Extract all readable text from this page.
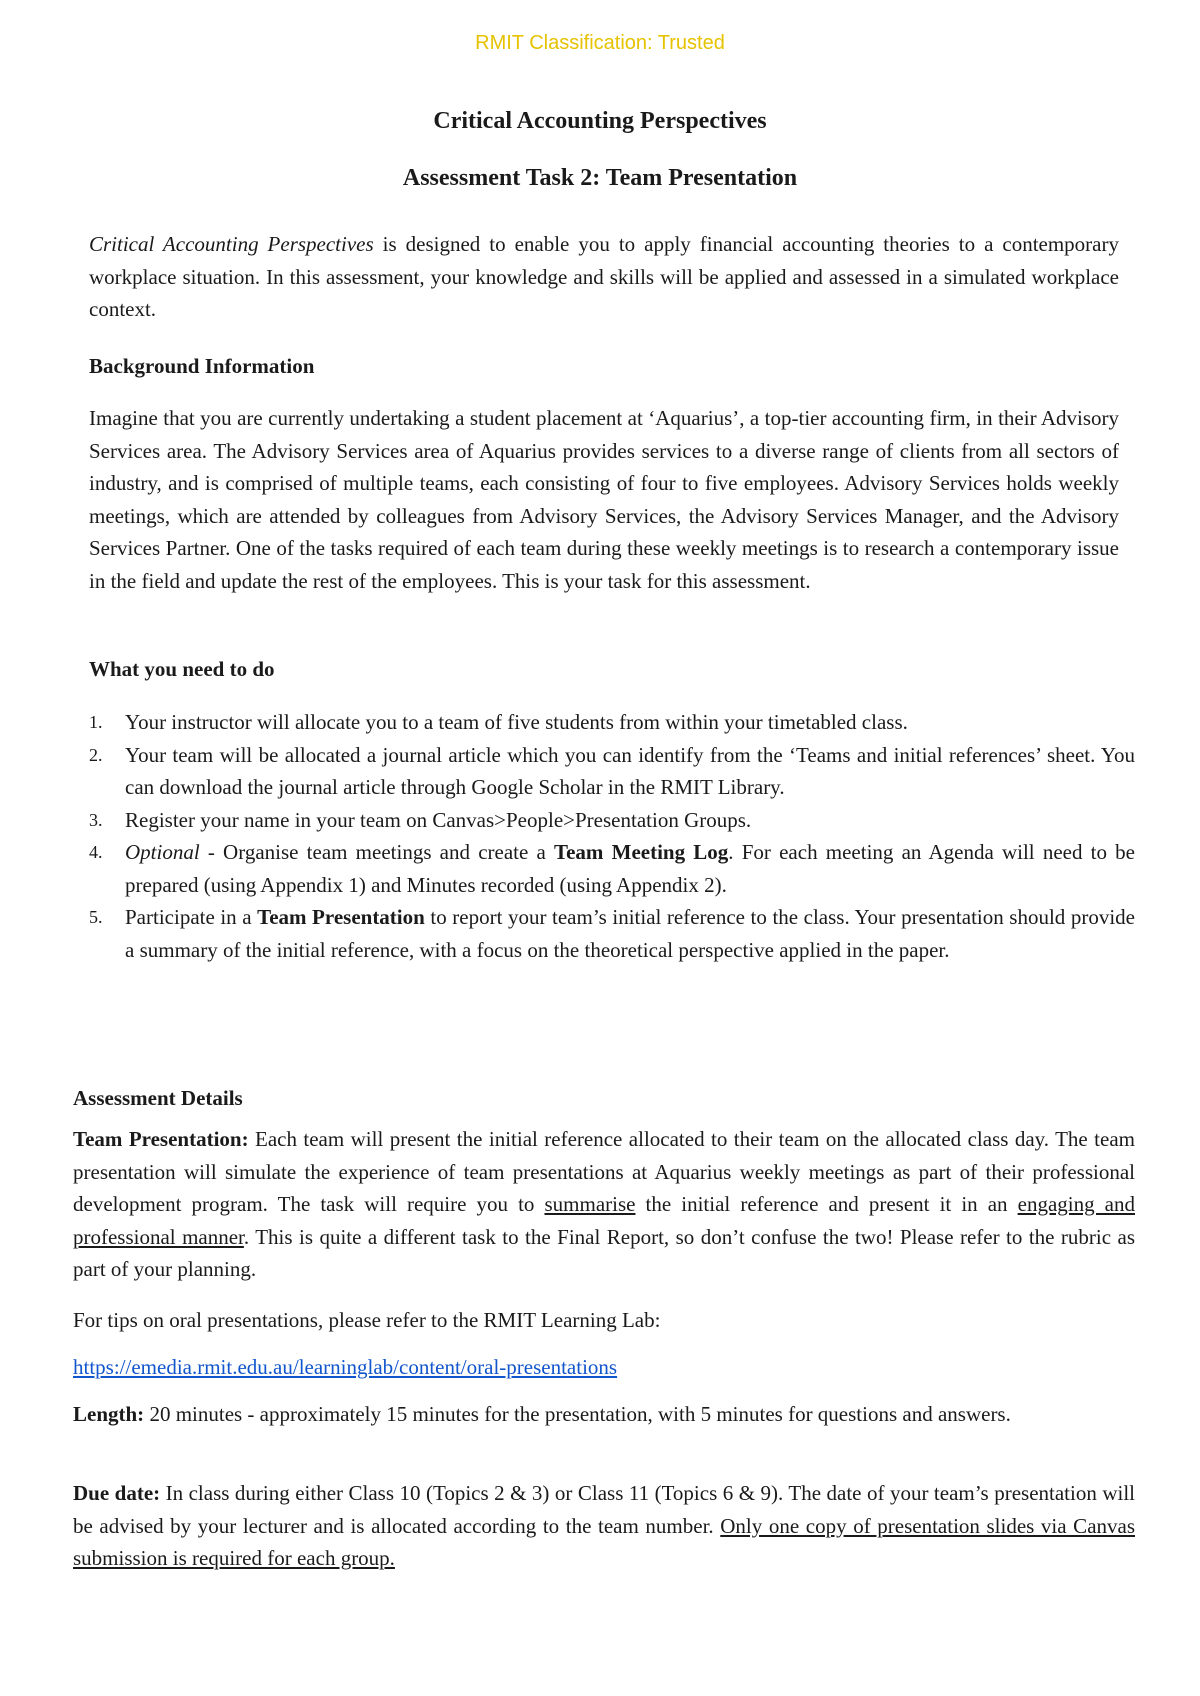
RMIT Classification: Trusted
Critical Accounting Perspectives
Assessment Task 2: Team Presentation

Critical Accounting Perspectives is designed to enable you to apply financial accounting theories to a contemporary workplace situation. In this assessment, your knowledge and skills will be applied and assessed in a simulated workplace context.

Background Information

Imagine that you are currently undertaking a student placement at ‘Aquarius’, a top-tier accounting firm, in their Advisory Services area. The Advisory Services area of Aquarius provides services to a diverse range of clients from all sectors of industry, and is comprised of multiple teams, each consisting of four to five employees. Advisory Services holds weekly meetings, which are attended by colleagues from Advisory Services, the Advisory Services Manager, and the Advisory Services Partner. One of the tasks required of each team during these weekly meetings is to research a contemporary issue in the field and update the rest of the employees. This is your task for this assessment.

What you need to do
1. Your instructor will allocate you to a team of five students from within your timetabled class.
2. Your team will be allocated a journal article which you can identify from the ‘Teams and initial references’ sheet. You can download the journal article through Google Scholar in the RMIT Library.
3. Register your name in your team on Canvas>People>Presentation Groups.
4. Optional - Organise team meetings and create a Team Meeting Log. For each meeting an Agenda will need to be prepared (using Appendix 1) and Minutes recorded (using Appendix 2).
5. Participate in a Team Presentation to report your team’s initial reference to the class. Your presentation should provide a summary of the initial reference, with a focus on the theoretical perspective applied in the paper.
Assessment Details

Team Presentation: Each team will present the initial reference allocated to their team on the allocated class day. The team presentation will simulate the experience of team presentations at Aquarius weekly meetings as part of their professional development program. The task will require you to summarise the initial reference and present it in an engaging and professional manner. This is quite a different task to the Final Report, so don’t confuse the two! Please refer to the rubric as part of your planning.

For tips on oral presentations, please refer to the RMIT Learning Lab:

https://emedia.rmit.edu.au/learninglab/content/oral-presentations

Length: 20 minutes - approximately 15 minutes for the presentation, with 5 minutes for questions and answers.

Due date: In class during either Class 10 (Topics 2 & 3) or Class 11 (Topics 6 & 9). The date of your team’s presentation will be advised by your lecturer and is allocated according to the team number. Only one copy of presentation slides via Canvas submission is required for each group.
